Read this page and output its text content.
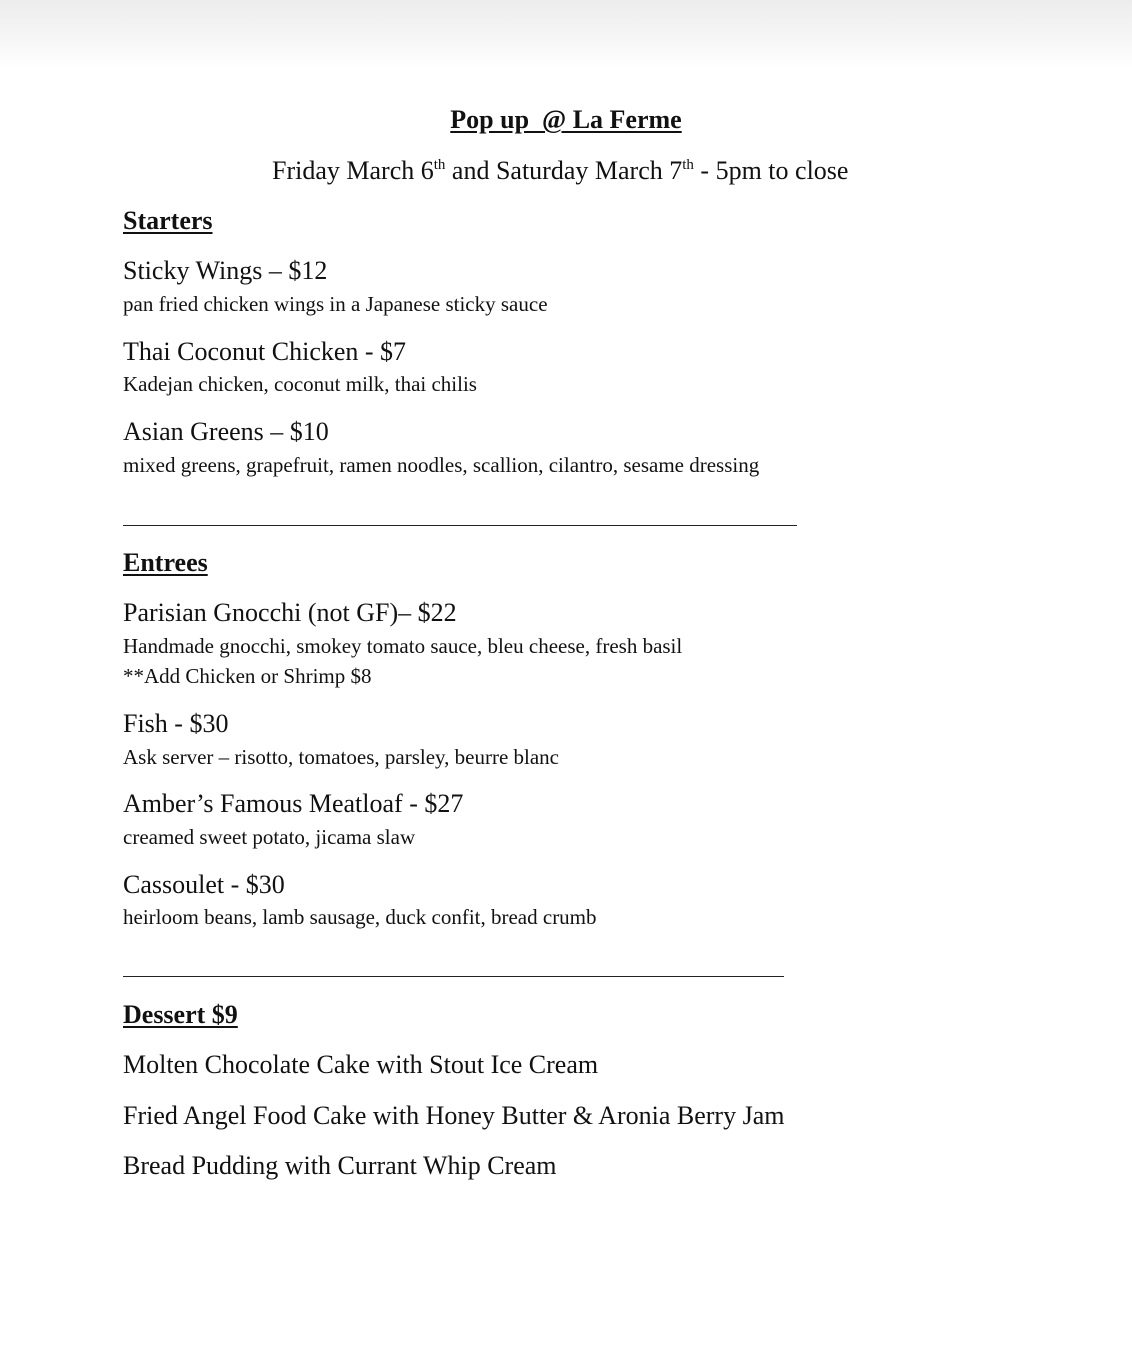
Pop up  @ La Ferme
Friday March 6th and Saturday March 7th - 5pm to close
Starters
Sticky Wings – $12
pan fried chicken wings in a Japanese sticky sauce
Thai Coconut Chicken - $7
Kadejan chicken, coconut milk, thai chilis
Asian Greens – $10
mixed greens, grapefruit, ramen noodles, scallion, cilantro, sesame dressing
Entrees
Parisian Gnocchi (not GF)– $22
Handmade gnocchi, smokey tomato sauce, bleu cheese, fresh basil
**Add Chicken or Shrimp $8
Fish - $30
Ask server – risotto, tomatoes, parsley, beurre blanc
Amber’s Famous Meatloaf - $27
creamed sweet potato, jicama slaw
Cassoulet - $30
heirloom beans, lamb sausage, duck confit, bread crumb
Dessert $9
Molten Chocolate Cake with Stout Ice Cream
Fried Angel Food Cake with Honey Butter & Aronia Berry Jam
Bread Pudding with Currant Whip Cream
